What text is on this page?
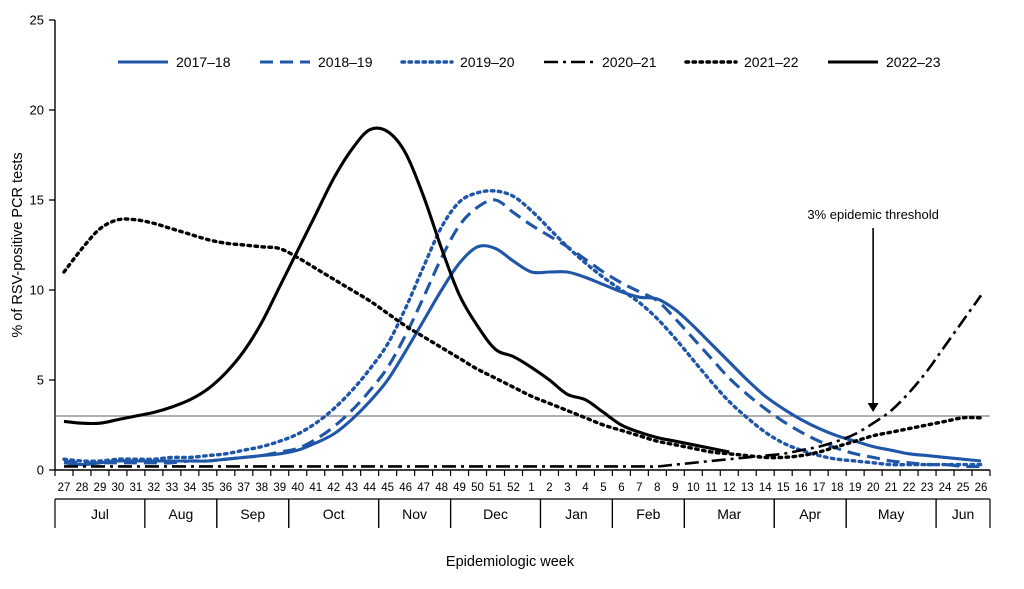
0
5
10
15
20
25
27 28 29 30 31 32 33 34 35 36 37 38 39 40 41 42 43 44 45 46 47 48 49 50 51 52 1 2 3 4 5 6 7 8 9 10 11 12 13 14 15 16 17 18 19 20 21 22 23 24 25 26
Jul	Aug	Sep	Oct	Nov	Dec	Jan	Feb	Mar	Apr	May	Jun
3% epidemic threshold
2017–18	2018–19	2019–20	2020–21	2021–22	2022–23
Epidemiologic week
% of RSV-positive PCR tests
